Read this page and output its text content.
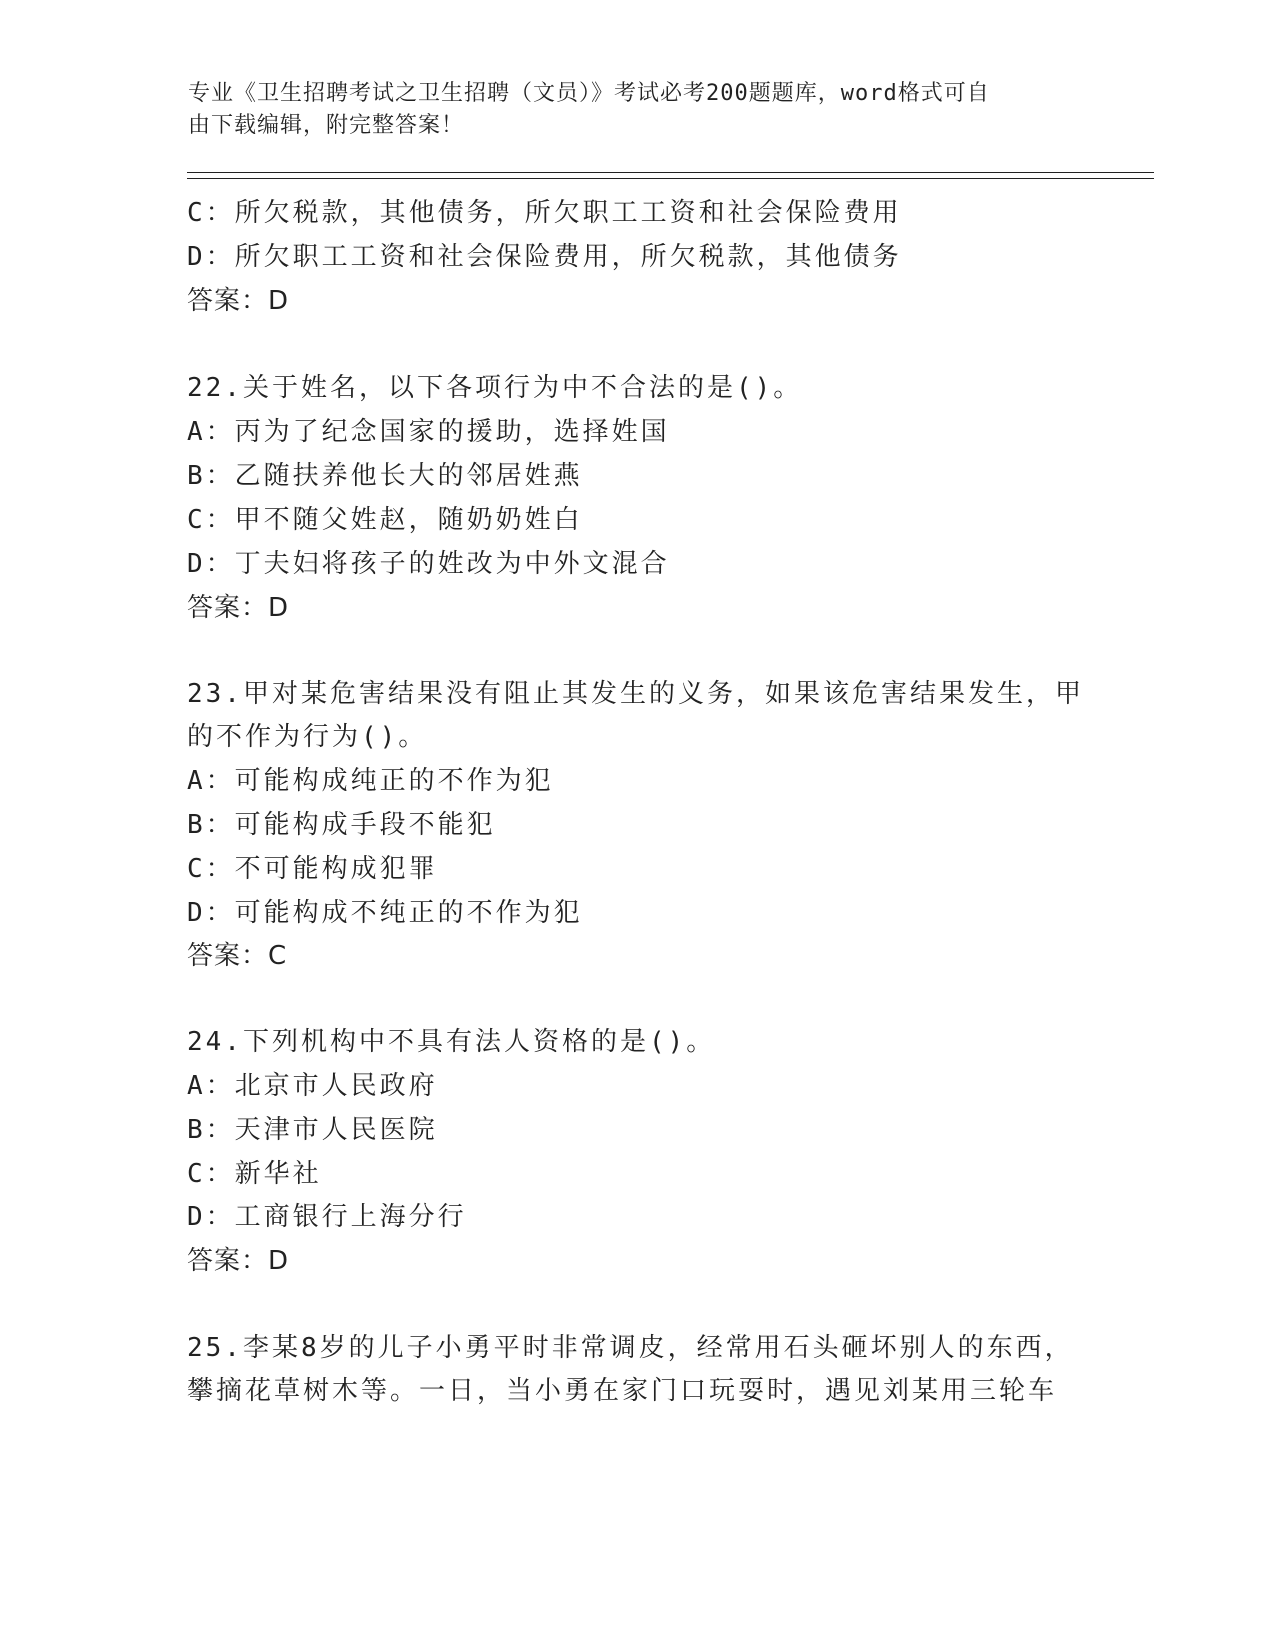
专业《卫生招聘考试之卫生招聘（文员）》考试必考200题题库，word格式可自
由下载编辑，附完整答案！
C：所欠税款，其他债务，所欠职工工资和社会保险费用
D：所欠职工工资和社会保险费用，所欠税款，其他债务
答案：D
22.关于姓名，以下各项行为中不合法的是()。
A：丙为了纪念国家的援助，选择姓国
B：乙随扶养他长大的邻居姓燕
C：甲不随父姓赵，随奶奶姓白
D：丁夫妇将孩子的姓改为中外文混合
答案：D
23.甲对某危害结果没有阻止其发生的义务，如果该危害结果发生，甲
的不作为行为()。
A：可能构成纯正的不作为犯
B：可能构成手段不能犯
C：不可能构成犯罪
D：可能构成不纯正的不作为犯
答案：C
24.下列机构中不具有法人资格的是()。
A：北京市人民政府
B：天津市人民医院
C：新华社
D：工商银行上海分行
答案：D
25.李某8岁的儿子小勇平时非常调皮，经常用石头砸坏别人的东西，
攀摘花草树木等。一日，当小勇在家门口玩耍时，遇见刘某用三轮车
